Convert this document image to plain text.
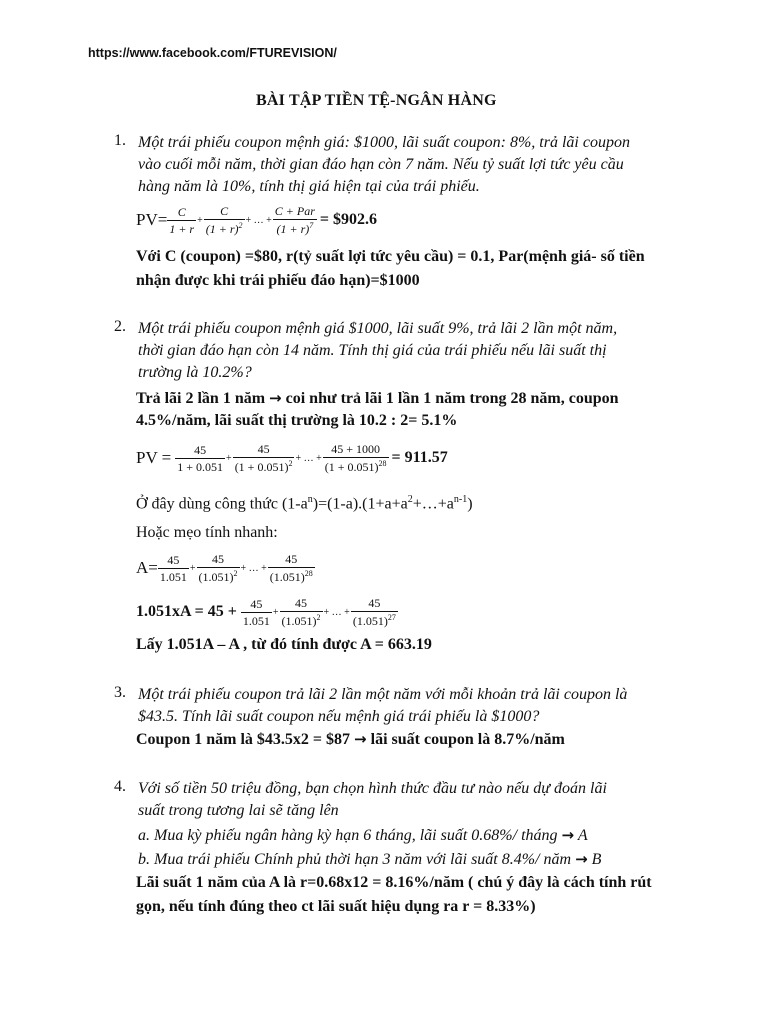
https://www.facebook.com/FTUREVISION/
BÀI TẬP TIỀN TỆ-NGÂN HÀNG
1. Một trái phiếu coupon mệnh giá: $1000, lãi suất coupon: 8%, trả lãi coupon
vào cuối mỗi năm, thời gian đáo hạn còn 7 năm. Nếu tỷ suất lợi tức yêu cầu
hàng năm là 10%, tính thị giá hiện tại của trái phiếu.
$PV= \frac{C}{1 + r} + \frac{C}{(1 + r)^2}$ + … + $\frac{\text{C + Par}}{(1 + r)^7}$ = $902.6
Với C (coupon) =$80, r(tỷ suất lợi tức yêu cầu) = 0.1, Par(mệnh giá- số tiền
nhận được khi trái phiếu đáo hạn)=$1000
2. Một trái phiếu coupon mệnh giá $1000, lãi suất 9%, trả lãi 2 lần một năm,
thời gian đáo hạn còn 14 năm. Tính thị giá của trái phiếu nếu lãi suất thị
trường là 10.2%?
Trả lãi 2 lần 1 năm → coi như trả lãi 1 lần 1 năm trong 28 năm, coupon
4.5%/năm, lãi suất thị trường là 10.2 : 2= 5.1%
PV = $\frac{45}{1 + 0.051} + \frac{45}{(1 + 0.051)^2}$ + … + $\frac{45 + 1000}{(1 + 0.051)^{28}} = 911.57$
Ở đây dùng công thức $(1-a^n)=(1-a).(1+a+a^2+\dots+a^{n-1})$
Hoặc mẹo tính nhanh:
$A= \frac{45}{1.051} + \frac{45}{(1.051)^2}$ + … + $\frac{45}{(1.051)^{28}}$
$1.051xA = 45 + \frac{45}{1.051} + \frac{45}{(1.051)^2}$ + … + $\frac{45}{(1.051)^{27}}$
Lấy 1.051A – A , từ đó tính được A = 663.19
3. Một trái phiếu coupon trả lãi 2 lần một năm với mỗi khoản trả lãi coupon là
$43.5. Tính lãi suất coupon nếu mệnh giá trái phiếu là $1000?
Coupon 1 năm là $43.5x2 = $87 → lãi suất coupon là 8.7%/năm
4. Với số tiền 50 triệu đồng, bạn chọn hình thức đầu tư nào nếu dự đoán lãi
suất trong tương lai sẽ tăng lên
a. Mua kỳ phiếu ngân hàng kỳ hạn 6 tháng, lãi suất 0.68%/ tháng → A
b. Mua trái phiếu Chính phủ thời hạn 3 năm với lãi suất 8.4%/ năm → B
Lãi suất 1 năm của A là r=0.68x12 = 8.16%/năm ( chú ý đây là cách tính rút
gọn, nếu tính đúng theo ct lãi suất hiệu dụng ra r = 8.33%)
